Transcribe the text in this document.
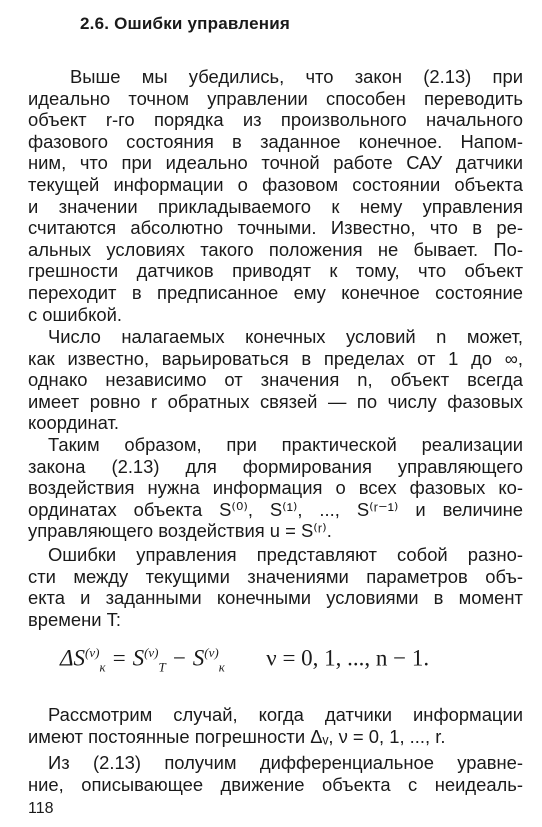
2.6. Ошибки управления
Выше мы убедились, что закон (2.13) при
идеально точном управлении способен переводить
объект r-го порядка из произвольного начального
фазового состояния в заданное конечное. Напом-
ним, что при идеально точной работе САУ датчики
текущей информации о фазовом состоянии объекта
и значении прикладываемого к нему управления
считаются абсолютно точными. Известно, что в ре-
альных условиях такого положения не бывает. По-
грешности датчиков приводят к тому, что объект
переходит в предписанное ему конечное состояние
с ошибкой.
Число налагаемых конечных условий n может,
как известно, варьироваться в пределах от 1 до ∞,
однако независимо от значения n, объект всегда
имеет ровно r обратных связей — по числу фазовых
координат.
Таким образом, при практической реализации
закона (2.13) для формирования управляющего
воздействия нужна информация о всех фазовых ко-
ординатах объекта S⁽⁰⁾, S⁽¹⁾, ..., S⁽ʳ⁻¹⁾ и величине
управляющего воздействия u = S⁽ʳ⁾.
Ошибки управления представляют собой разно-
сти между текущими значениями параметров объ-
екта и заданными конечными условиями в момент
времени T:
$\Delta S^{(\nu)}_к = S^{(\nu)}_T - S^{(\nu)}_к$ ν = 0, 1, ..., n − 1.
Рассмотрим случай, когда датчики информации
имеют постоянные погрешности Δᵥ, ν = 0, 1, ..., r.
Из (2.13) получим дифференциальное уравне-
ние, описывающее движение объекта с неидеаль-
118
